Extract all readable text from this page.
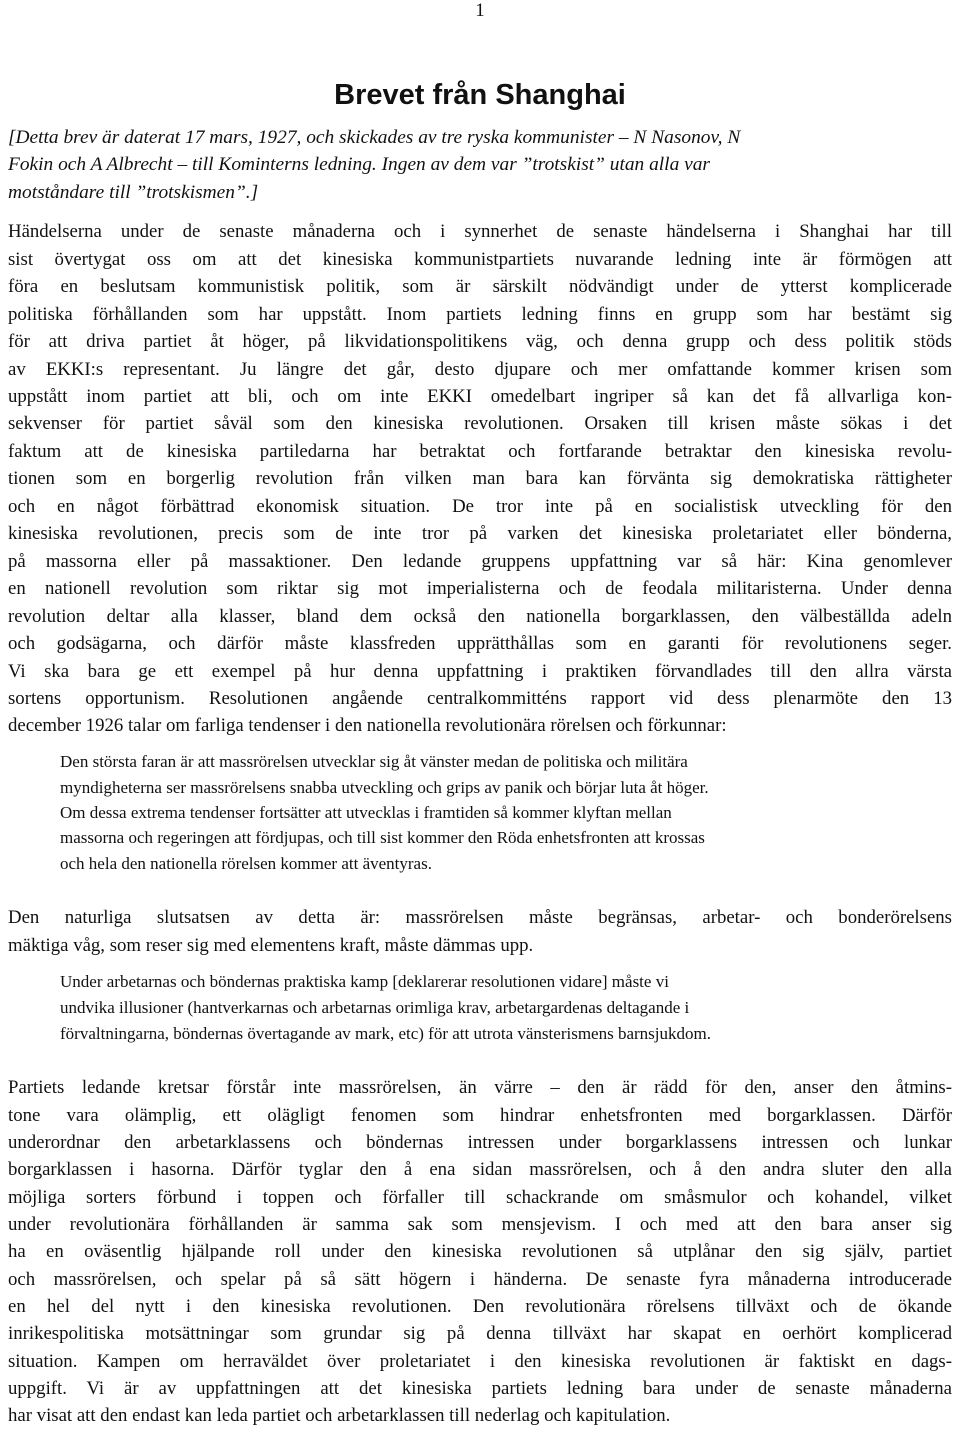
1
Brevet från Shanghai
[Detta brev är daterat 17 mars, 1927, och skickades av tre ryska kommunister – N Nasonov, N
Fokin och A Albrecht – till Kominterns ledning. Ingen av dem var ”trotskist” utan alla var
motståndare till ”trotskismen”.]
Händelserna under de senaste månaderna och i synnerhet de senaste händelserna i Shanghai har till
sist övertygat oss om att det kinesiska kommunistpartiets nuvarande ledning inte är förmögen att
föra en beslutsam kommunistisk politik, som är särskilt nödvändigt under de ytterst komplicerade
politiska förhållanden som har uppstått. Inom partiets ledning finns en grupp som har bestämt sig
för att driva partiet åt höger, på likvidationspolitikens väg, och denna grupp och dess politik stöds
av EKKI:s representant. Ju längre det går, desto djupare och mer omfattande kommer krisen som
uppstått inom partiet att bli, och om inte EKKI omedelbart ingriper så kan det få allvarliga kon-
sekvenser för partiet såväl som den kinesiska revolutionen. Orsaken till krisen måste sökas i det
faktum att de kinesiska partiledarna har betraktat och fortfarande betraktar den kinesiska revolu-
tionen som en borgerlig revolution från vilken man bara kan förvänta sig demokratiska rättigheter
och en något förbättrad ekonomisk situation. De tror inte på en socialistisk utveckling för den
kinesiska revolutionen, precis som de inte tror på varken det kinesiska proletariatet eller bönderna,
på massorna eller på massaktioner. Den ledande gruppens uppfattning var så här: Kina genomlever
en nationell revolution som riktar sig mot imperialisterna och de feodala militaristerna. Under denna
revolution deltar alla klasser, bland dem också den nationella borgarklassen, den välbeställda adeln
och godsägarna, och därför måste klassfreden upprätthållas som en garanti för revolutionens seger.
Vi ska bara ge ett exempel på hur denna uppfattning i praktiken förvandlades till den allra värsta
sortens opportunism. Resolutionen angående centralkommitténs rapport vid dess plenarmöte den 13
december 1926 talar om farliga tendenser i den nationella revolutionära rörelsen och förkunnar:
Den största faran är att massrörelsen utvecklar sig åt vänster medan de politiska och militära
myndigheterna ser massrörelsens snabba utveckling och grips av panik och börjar luta åt höger.
Om dessa extrema tendenser fortsätter att utvecklas i framtiden så kommer klyftan mellan
massorna och regeringen att fördjupas, och till sist kommer den Röda enhetsfronten att krossas
och hela den nationella rörelsen kommer att äventyras.
Den naturliga slutsatsen av detta är: massrörelsen måste begränsas, arbetar- och bonderörelsens
mäktiga våg, som reser sig med elementens kraft, måste dämmas upp.
Under arbetarnas och böndernas praktiska kamp [deklarerar resolutionen vidare] måste vi
undvika illusioner (hantverkarnas och arbetarnas orimliga krav, arbetargardenas deltagande i
förvaltningarna, böndernas övertagande av mark, etc) för att utrota vänsterismens barnsjukdom.
Partiets ledande kretsar förstår inte massrörelsen, än värre – den är rädd för den, anser den åtmins-
tone vara olämplig, ett olägligt fenomen som hindrar enhetsfronten med borgarklassen. Därför
underordnar den arbetarklassens och böndernas intressen under borgarklassens intressen och lunkar
borgarklassen i hasorna. Därför tyglar den å ena sidan massrörelsen, och å den andra sluter den alla
möjliga sorters förbund i toppen och förfaller till schackrande om småsmulor och kohandel, vilket
under revolutionära förhållanden är samma sak som mensjevism. I och med att den bara anser sig
ha en oväsentlig hjälpande roll under den kinesiska revolutionen så utplånar den sig själv, partiet
och massrörelsen, och spelar på så sätt högern i händerna. De senaste fyra månaderna introducerade
en hel del nytt i den kinesiska revolutionen. Den revolutionära rörelsens tillväxt och de ökande
inrikespolitiska motsättningar som grundar sig på denna tillväxt har skapat en oerhört komplicerad
situation. Kampen om herraväldet över proletariatet i den kinesiska revolutionen är faktiskt en dags-
uppgift. Vi är av uppfattningen att det kinesiska partiets ledning bara under de senaste månaderna
har visat att den endast kan leda partiet och arbetarklassen till nederlag och kapitulation.
